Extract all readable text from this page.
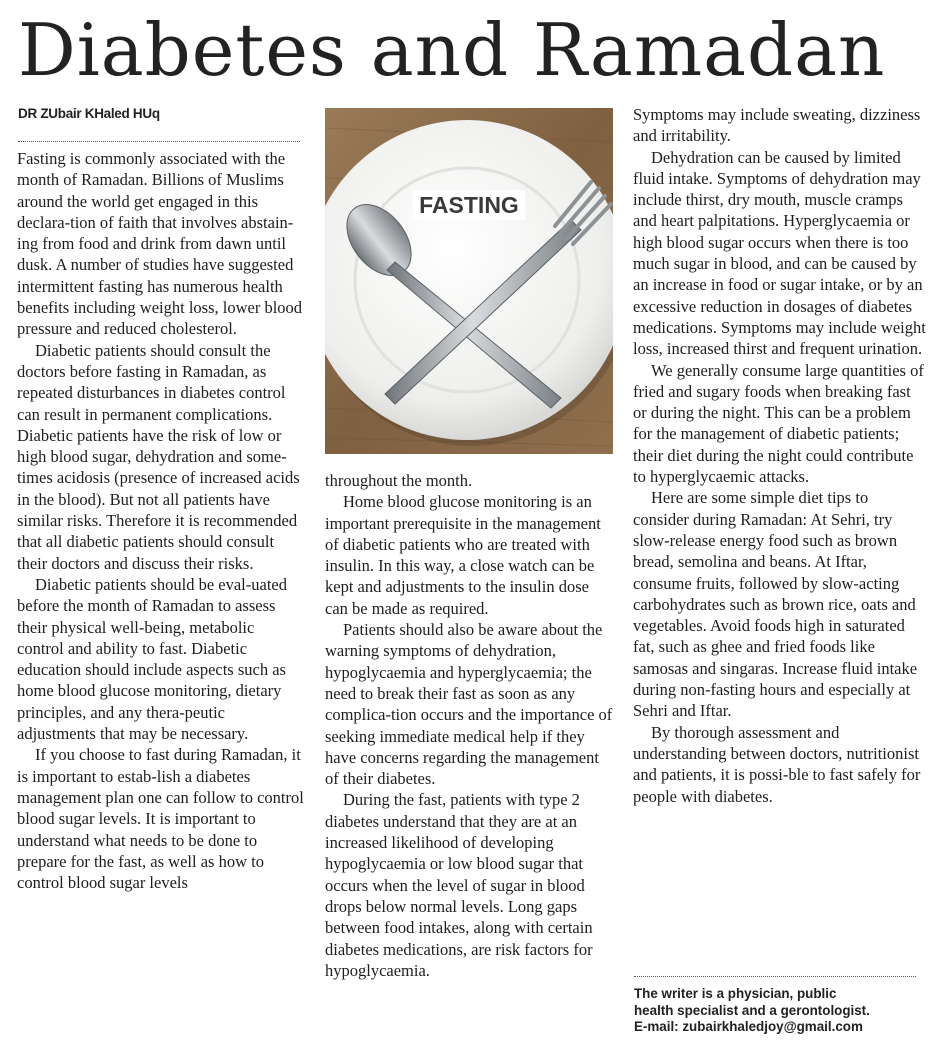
Diabetes and Ramadan
DR ZUbair KHaled HUq

Fasting is commonly associated with the month of Ramadan. Billions of Muslims around the world get engaged in this declara-tion of faith that involves abstain-ing from food and drink from dawn until dusk. A number of studies have suggested intermittent fasting has numerous health benefits including weight loss, lower blood pressure and reduced cholesterol.

Diabetic patients should consult the doctors before fasting in Ramadan, as repeated disturbances in diabetes control can result in permanent complications. Diabetic patients have the risk of low or high blood sugar, dehydration and some-times acidosis (presence of increased acids in the blood). But not all patients have similar risks. Therefore it is recommended that all diabetic patients should consult their doctors and discuss their risks.

Diabetic patients should be eval-uated before the month of Ramadan to assess their physical well-being, metabolic control and ability to fast. Diabetic education should include aspects such as home blood glucose monitoring, dietary principles, and any thera-peutic adjustments that may be necessary.

If you choose to fast during Ramadan, it is important to estab-lish a diabetes management plan one can follow to control blood sugar levels. It is important to understand what needs to be done to prepare for the fast, as well as how to control blood sugar levels

FASTING

throughout the month.

Home blood glucose monitoring is an important prerequisite in the management of diabetic patients who are treated with insulin. In this way, a close watch can be kept and adjustments to the insulin dose can be made as required.

Patients should also be aware about the warning symptoms of dehydration, hypoglycaemia and hyperglycaemia; the need to break their fast as soon as any complica-tion occurs and the importance of seeking immediate medical help if they have concerns regarding the management of their diabetes.

During the fast, patients with type 2 diabetes understand that they are at an increased likelihood of developing hypoglycaemia or low blood sugar that occurs when the level of sugar in blood drops below normal levels. Long gaps between food intakes, along with certain diabetes medications, are risk factors for hypoglycaemia.

Symptoms may include sweating, dizziness and irritability.

Dehydration can be caused by limited fluid intake. Symptoms of dehydration may include thirst, dry mouth, muscle cramps and heart palpitations. Hyperglycaemia or high blood sugar occurs when there is too much sugar in blood, and can be caused by an increase in food or sugar intake, or by an excessive reduction in dosages of diabetes medications. Symptoms may include weight loss, increased thirst and frequent urination.

We generally consume large quantities of fried and sugary foods when breaking fast or during the night. This can be a problem for the management of diabetic patients; their diet during the night could contribute to hyperglycaemic attacks.

Here are some simple diet tips to consider during Ramadan: At Sehri, try slow-release energy food such as brown bread, semolina and beans. At Iftar, consume fruits, followed by slow-acting carbohydrates such as brown rice, oats and vegetables. Avoid foods high in saturated fat, such as ghee and fried foods like samosas and singaras. Increase fluid intake during non-fasting hours and especially at Sehri and Iftar.

By thorough assessment and understanding between doctors, nutritionist and patients, it is possi-ble to fast safely for people with diabetes.

The writer is a physician, public
health specialist and a gerontologist.
E-mail: zubairkhaledjoy@gmail.com
